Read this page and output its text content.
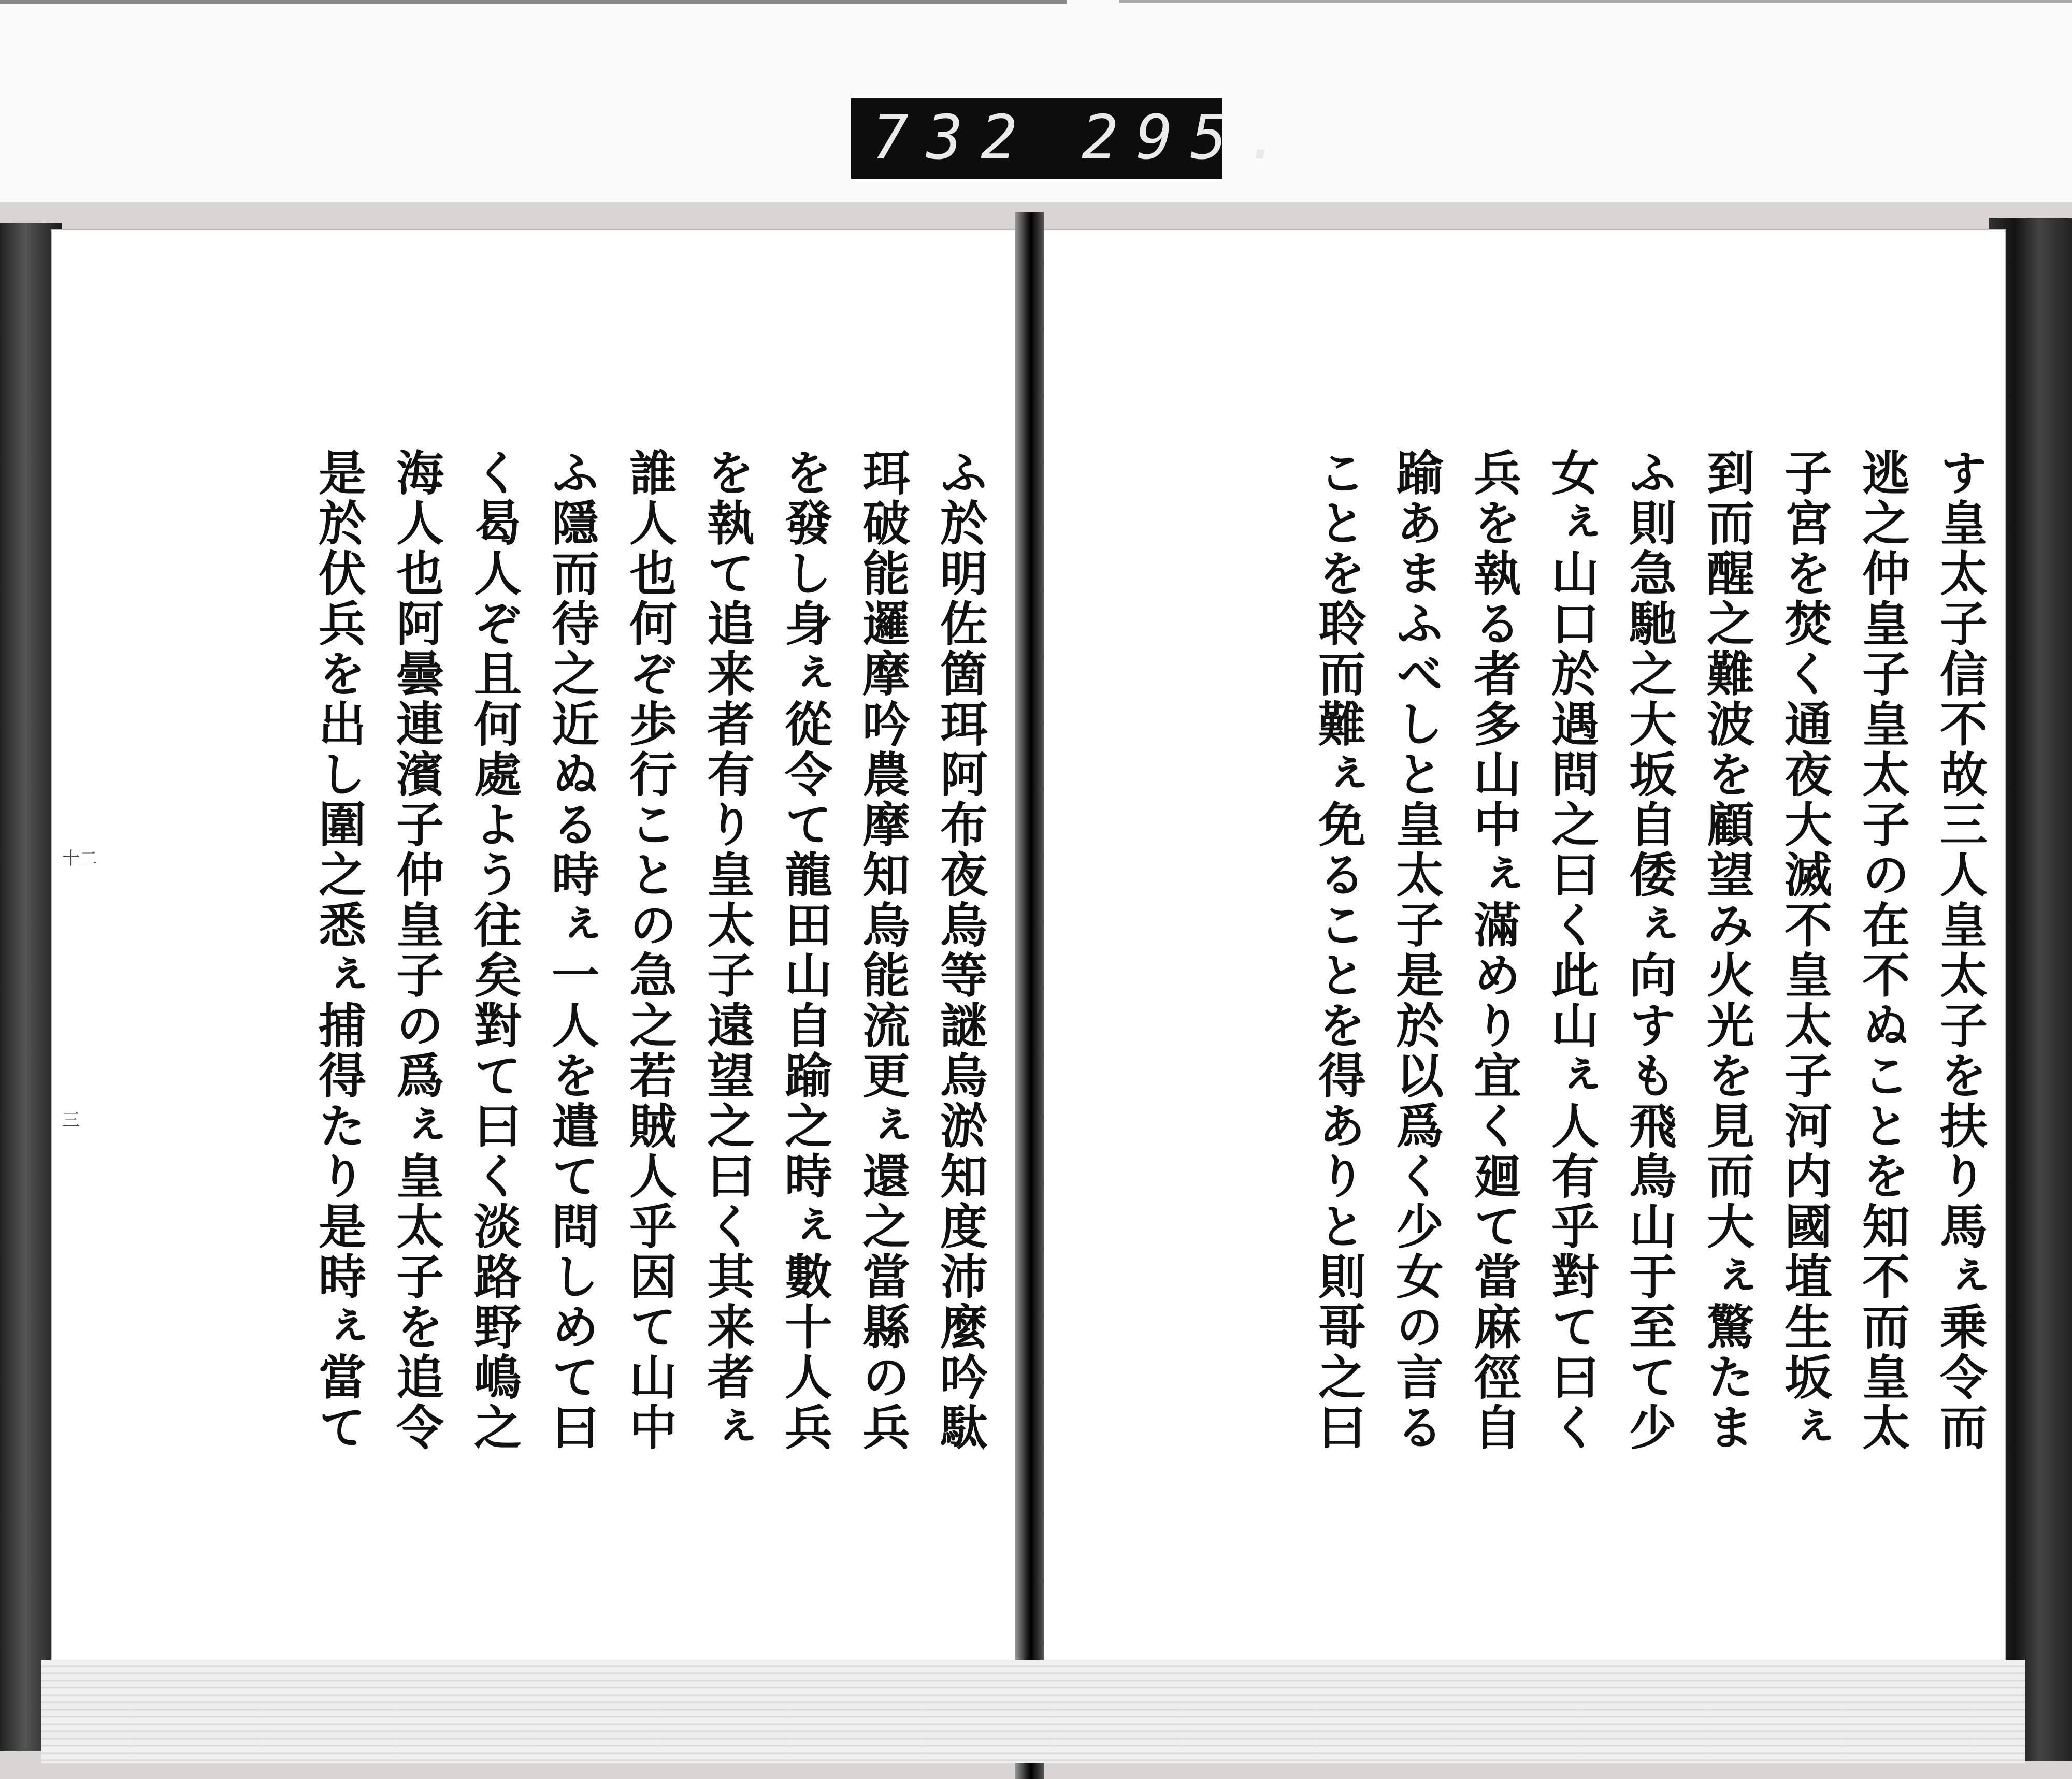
732 295.
十二
三	ふ於明佐箇珥阿布夜烏等謎烏淤知度沛麼吟駄
珥破能邏摩吟農摩知烏能流更ぇ還之當縣の兵
を發し身ぇ從令て龍田山自踰之時ぇ數十人兵
を執て追来者有り皇太子遠望之曰く其来者ぇ
誰人也何ぞ歩行ことの急之若賊人乎因て山中
ふ隱而待之近ぬる時ぇ一人を遣て問しめて曰
く曷人ぞ且何處よう往矣對て曰く淡路野嶋之
海人也阿曇連濱子仲皇子の爲ぇ皇太子を追令
是於伏兵を出し圍之悉ぇ捕得たり是時ぇ當て	す皇太子信不故三人皇太子を扶り馬ぇ乗令而
逃之仲皇子皇太子の在不ぬことを知不而皇太
子宮を焚く通夜大滅不皇太子河内國埴生坂ぇ
到而醒之難波を顧望み火光を見而大ぇ驚たま
ふ則急馳之大坂自倭ぇ向すも飛鳥山于至て少
女ぇ山口於遇問之曰く此山ぇ人有乎對て曰く
兵を執る者多山中ぇ滿めり宜く廻て當麻徑自
踰あまふべしと皇太子是於以爲く少女の言る
ことを聆而難ぇ免ることを得ありと則哥之曰
